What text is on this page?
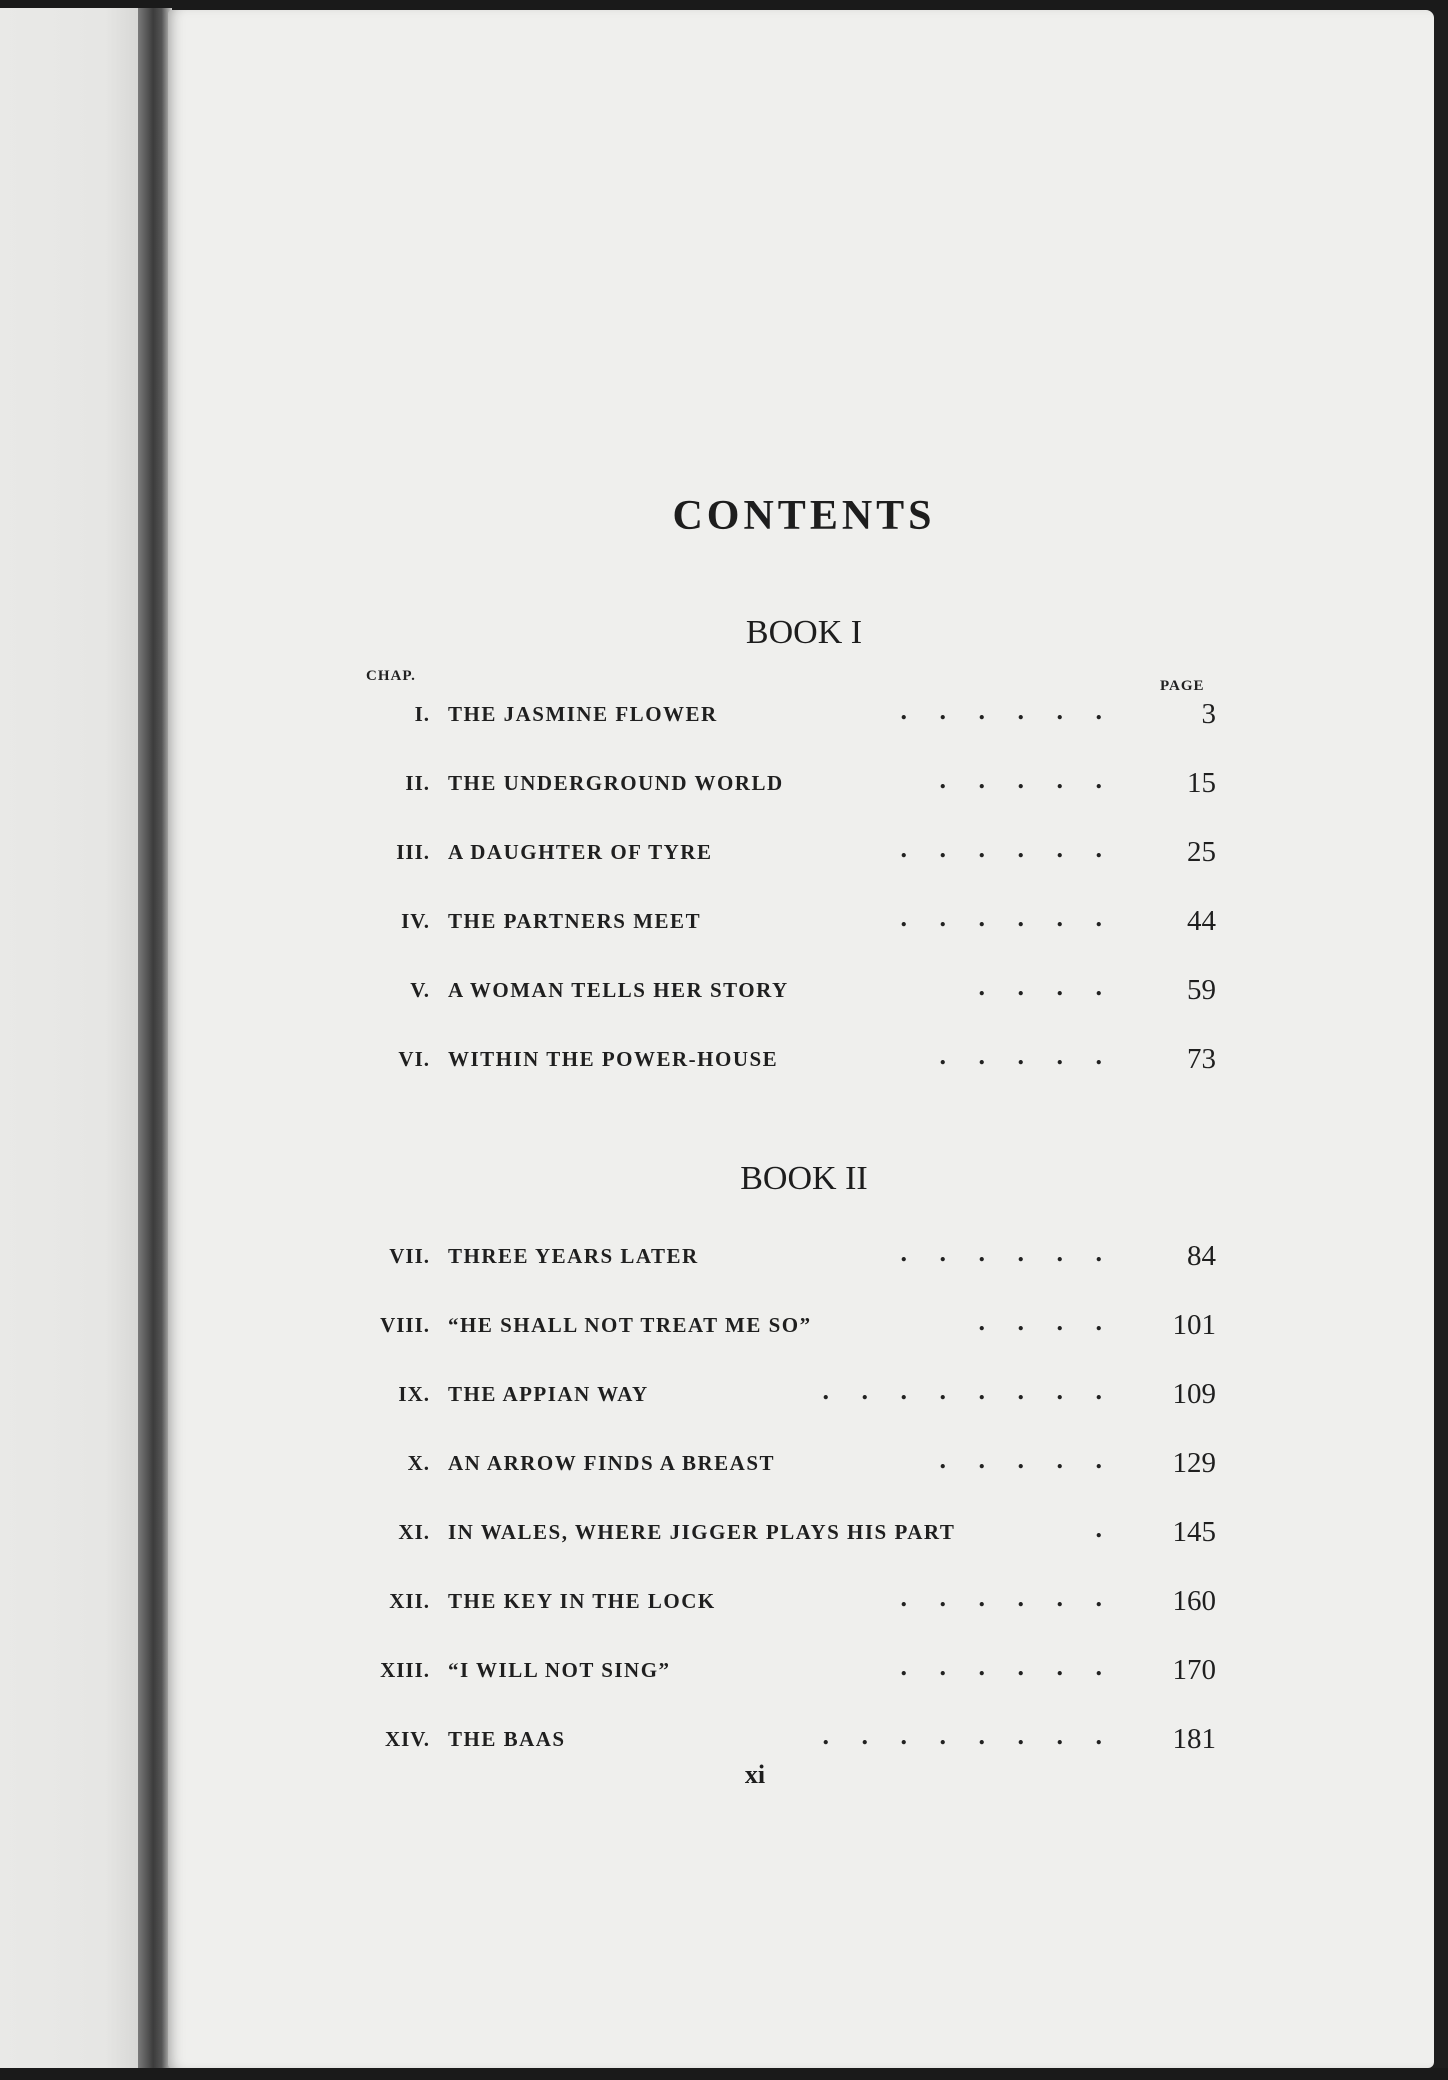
CONTENTS
BOOK I
CHAP.
PAGE
I. THE JASMINE FLOWER	.     .     .     .     .     .	3
II. THE UNDERGROUND WORLD	.     .     .     .     .	15
III. A DAUGHTER OF TYRE	.     .     .     .     .     .	25
IV. THE PARTNERS MEET	.     .     .     .     .     .	44
V. A WOMAN TELLS HER STORY	.     .     .     .	59
VI. WITHIN THE POWER-HOUSE	.     .     .     .     .	73
BOOK II
VII. THREE YEARS LATER	.     .     .     .     .     .	84
VIII. “HE SHALL NOT TREAT ME SO”	.     .     .     . 101
IX. THE APPIAN WAY	.     .     .     .     .     .     .     . 109
X. AN ARROW FINDS A BREAST	.     .     .     .     . 129
XI. IN WALES, WHERE JIGGER PLAYS HIS PART	. 145
XII. THE KEY IN THE LOCK	.     .     .     .     .     . 160
XIII. “I WILL NOT SING”	.     .     .     .     .     . 170
XIV. THE BAAS	.     .     .     .     .     .     .     . 181
xi
